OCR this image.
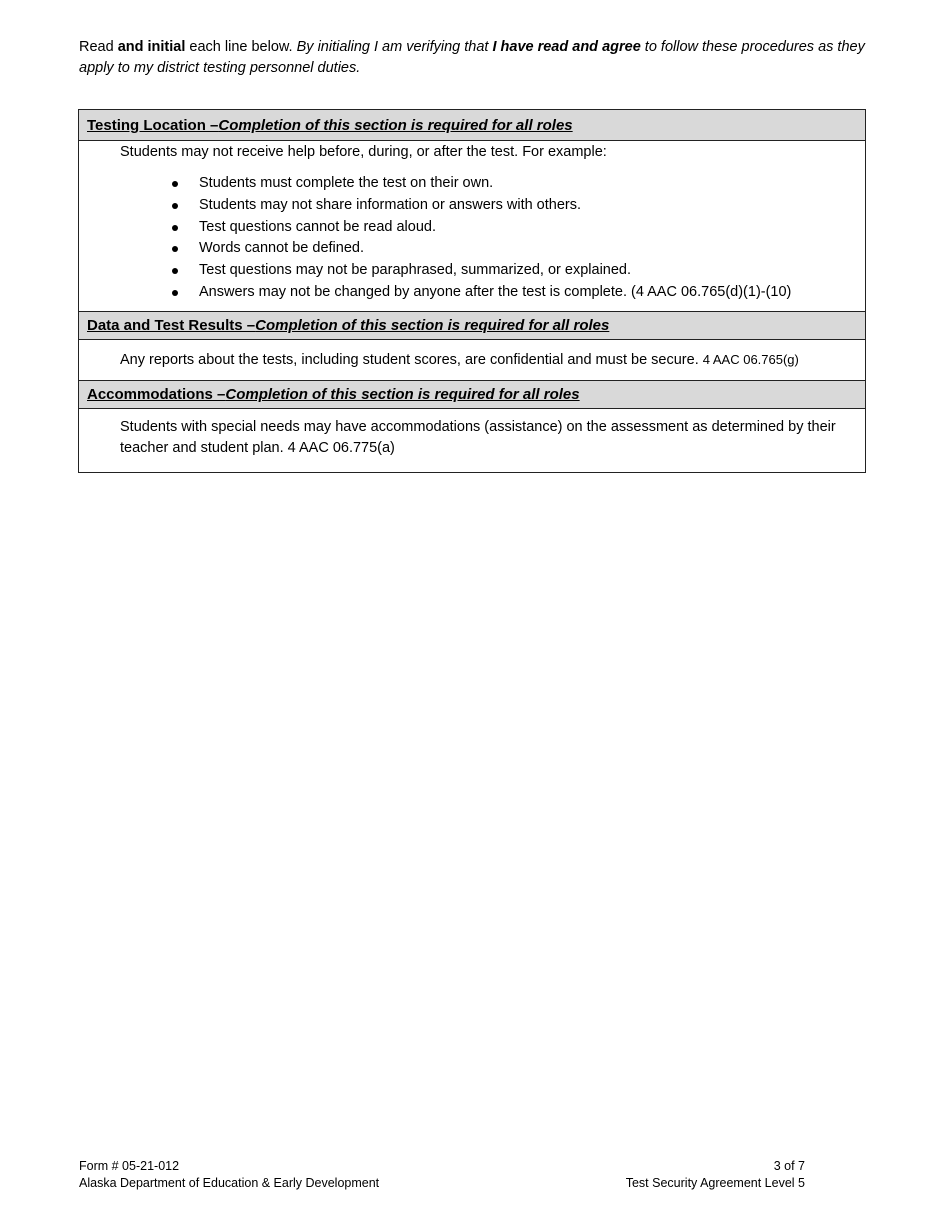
Read and initial each line below. By initialing I am verifying that I have read and agree to follow these procedures as they apply to my district testing personnel duties.
Testing Location – Completion of this section is required for all roles
Students may not receive help before, during, or after the test. For example:
Students must complete the test on their own.
Students may not share information or answers with others.
Test questions cannot be read aloud.
Words cannot be defined.
Test questions may not be paraphrased, summarized, or explained.
Answers may not be changed by anyone after the test is complete. (4 AAC 06.765(d)(1)-(10)
Data and Test Results – Completion of this section is required for all roles
Any reports about the tests, including student scores, are confidential and must be secure. 4 AAC 06.765(g)
Accommodations – Completion of this section is required for all roles
Students with special needs may have accommodations (assistance) on the assessment as determined by their teacher and student plan. 4 AAC 06.775(a)
Form # 05-21-012
Alaska Department of Education & Early Development
3 of 7
Test Security Agreement Level 5
